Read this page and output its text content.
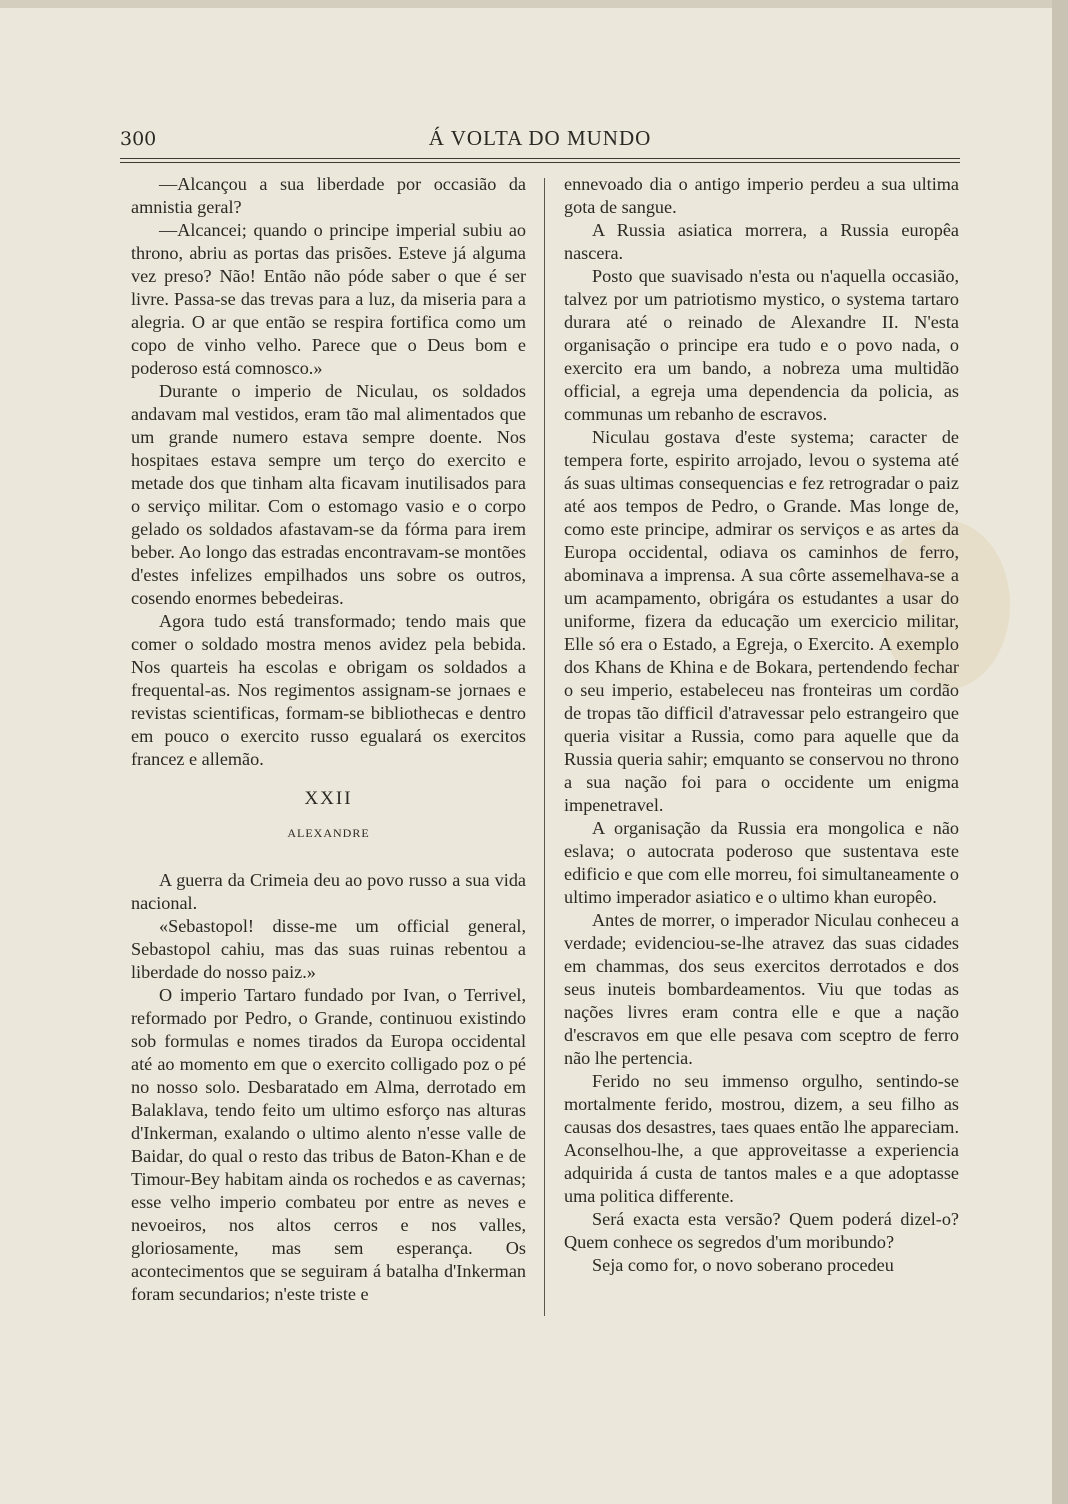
300	Á VOLTA DO MUNDO

—Alcançou a sua liberdade por occasião da amnistia geral?

—Alcancei; quando o principe imperial subiu ao throno, abriu as portas das prisões. Esteve já alguma vez preso? Não! Então não póde saber o que é ser livre. Passa-se das trevas para a luz, da miseria para a alegria. O ar que então se respira fortifica como um copo de vinho velho. Parece que o Deus bom e poderoso está comnosco.»

Durante o imperio de Niculau, os soldados andavam mal vestidos, eram tão mal alimentados que um grande numero estava sempre doente. Nos hospitaes estava sempre um terço do exercito e metade dos que tinham alta ficavam inutilisados para o serviço militar. Com o estomago vasio e o corpo gelado os soldados afastavam-se da fórma para irem beber. Ao longo das estradas encontravam-se montões d'estes infelizes empilhados uns sobre os outros, cosendo enormes bebedeiras.

Agora tudo está transformado; tendo mais que comer o soldado mostra menos avidez pela bebida. Nos quarteis ha escolas e obrigam os soldados a frequental-as. Nos regimentos assignam-se jornaes e revistas scientificas, formam-se bibliothecas e dentro em pouco o exercito russo egualará os exercitos francez e allemão.

XXII

ALEXANDRE

A guerra da Crimeia deu ao povo russo a sua vida nacional.

«Sebastopol! disse-me um official general, Sebastopol cahiu, mas das suas ruinas rebentou a liberdade do nosso paiz.»

O imperio Tartaro fundado por Ivan, o Terrivel, reformado por Pedro, o Grande, continuou existindo sob formulas e nomes tirados da Europa occidental até ao momento em que o exercito colligado poz o pé no nosso solo. Desbaratado em Alma, derrotado em Balaklava, tendo feito um ultimo esforço nas alturas d'Inkerman, exalando o ultimo alento n'esse valle de Baidar, do qual o resto das tribus de Baton-Khan e de Timour-Bey habitam ainda os rochedos e as cavernas; esse velho imperio combateu por entre as neves e nevoeiros, nos altos cerros e nos valles, gloriosamente, mas sem esperança. Os acontecimentos que se seguiram á batalha d'Inkerman foram secundarios; n'este triste e

ennevoado dia o antigo imperio perdeu a sua ultima gota de sangue.

A Russia asiatica morrera, a Russia europêa nascera.

Posto que suavisado n'esta ou n'aquella occasião, talvez por um patriotismo mystico, o systema tartaro durara até o reinado de Alexandre II. N'esta organisação o principe era tudo e o povo nada, o exercito era um bando, a nobreza uma multidão official, a egreja uma dependencia da policia, as communas um rebanho de escravos.

Niculau gostava d'este systema; caracter de tempera forte, espirito arrojado, levou o systema até ás suas ultimas consequencias e fez retrogradar o paiz até aos tempos de Pedro, o Grande. Mas longe de, como este principe, admirar os serviços e as artes da Europa occidental, odiava os caminhos de ferro, abominava a imprensa. A sua côrte assemelhava-se a um acampamento, obrigára os estudantes a usar do uniforme, fizera da educação um exercicio militar, Elle só era o Estado, a Egreja, o Exercito. A exemplo dos Khans de Khina e de Bokara, pertendendo fechar o seu imperio, estabeleceu nas fronteiras um cordão de tropas tão difficil d'atravessar pelo estrangeiro que queria visitar a Russia, como para aquelle que da Russia queria sahir; emquanto se conservou no throno a sua nação foi para o occidente um enigma impenetravel.

A organisação da Russia era mongolica e não eslava; o autocrata poderoso que sustentava este edificio e que com elle morreu, foi simultaneamente o ultimo imperador asiatico e o ultimo khan europêo.

Antes de morrer, o imperador Niculau conheceu a verdade; evidenciou-se-lhe atravez das suas cidades em chammas, dos seus exercitos derrotados e dos seus inuteis bombardeamentos. Viu que todas as nações livres eram contra elle e que a nação d'escravos em que elle pesava com sceptro de ferro não lhe pertencia.

Ferido no seu immenso orgulho, sentindo-se mortalmente ferido, mostrou, dizem, a seu filho as causas dos desastres, taes quaes então lhe appareciam. Aconselhou-lhe, a que approveitasse a experiencia adquirida á custa de tantos males e a que adoptasse uma politica differente.

Será exacta esta versão? Quem poderá dizel-o? Quem conhece os segredos d'um moribundo?

Seja como for, o novo soberano procedeu
